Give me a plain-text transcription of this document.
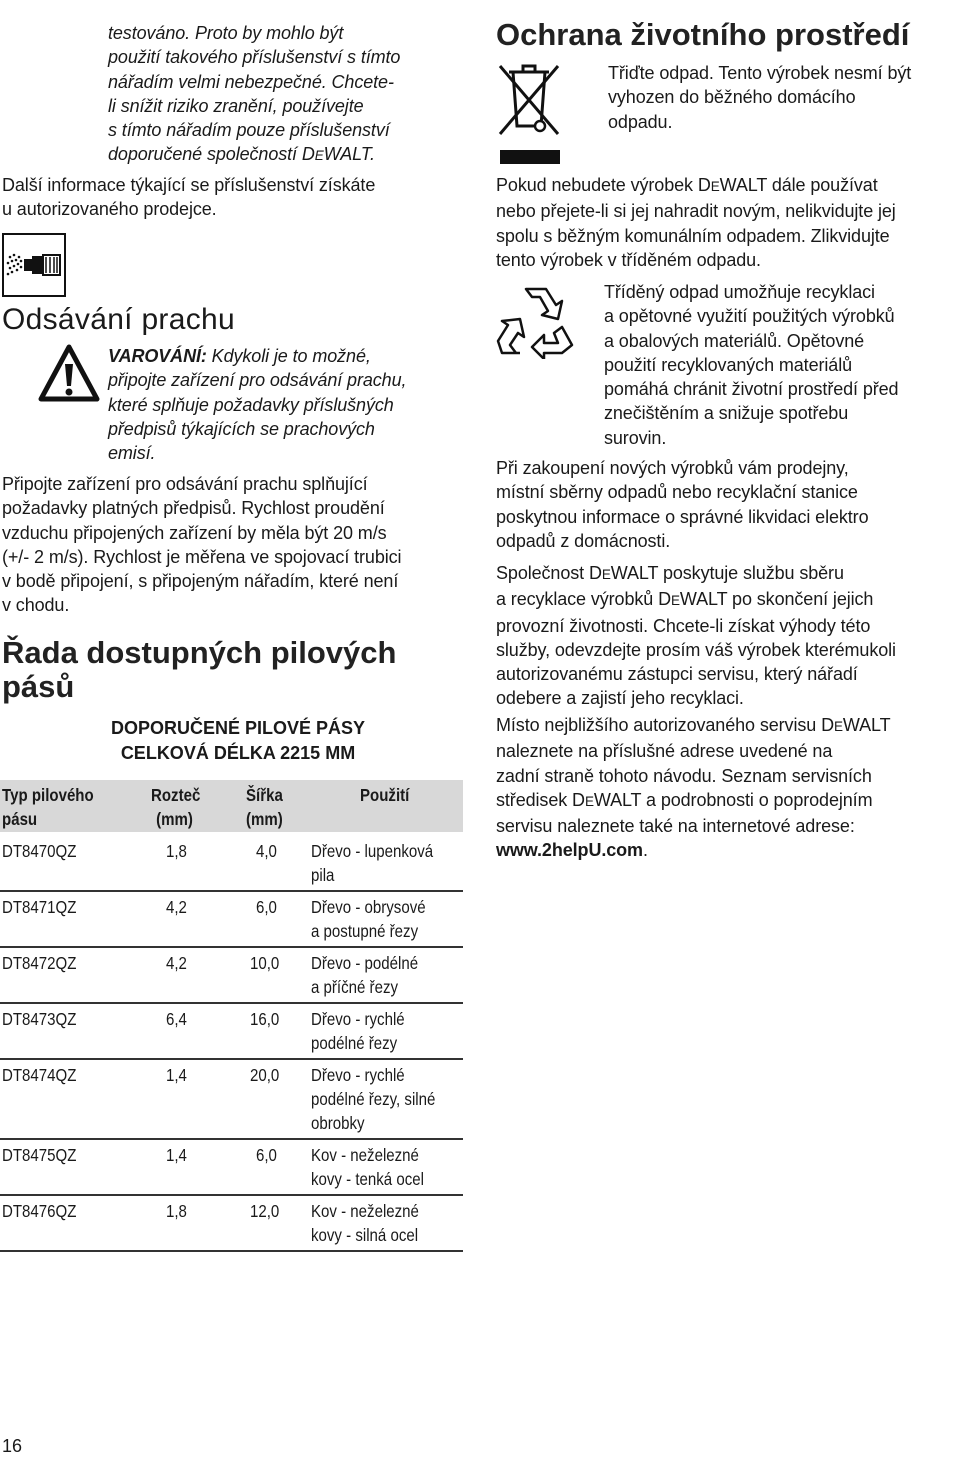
testováno. Proto by mohlo být

použití takového příslušenství s tímto

nářadím velmi nebezpečné. Chcete-

li snížit riziko zranění, používejte

s tímto nářadím pouze příslušenství

doporučené společností DEWALT.

Další informace týkající se příslušenství získáte

u autorizovaného prodejce.

Odsávání prachu

VAROVÁNÍ: Kdykoli je to možné,

připojte zařízení pro odsávání prachu,

které splňuje požadavky příslušných

předpisů týkajících se prachových

emisí.

Připojte zařízení pro odsávání prachu splňující

požadavky platných předpisů. Rychlost proudění

vzduchu připojených zařízení by měla být 20 m/s

(+/- 2 m/s). Rychlost je měřena ve spojovací trubici

v bodě připojení, s připojeným nářadím, které není

v chodu.

Řada dostupných pilových

pásů

DOPORUČENÉ PILOVÉ PÁSY

CELKOVÁ DÉLKA 2215 MM

Typ pilového

pásu

Rozteč

(mm)

Šířka

(mm)

Použití
DT8470QZ	1,8	4,0 Dřevo - lupenková

pila

DT8471QZ	4,2	6,0 Dřevo - obrysové

a postupné řezy

DT8472QZ	4,2	10,0 Dřevo - podélné

a příčné řezy

DT8473QZ	6,4	16,0 Dřevo - rychlé

podélné řezy

DT8474QZ	1,4	20,0 Dřevo - rychlé

podélné řezy, silné

obrobky

DT8475QZ	1,4	6,0 Kov - neželezné

kovy - tenká ocel

DT8476QZ	1,8	12,0 Kov - neželezné

kovy - silná ocel

16
Ochrana životního prostředí

Třiďte odpad. Tento výrobek nesmí být

vyhozen do běžného domácího

odpadu.

Pokud nebudete výrobek DEWALT dále používat

nebo přejete-li si jej nahradit novým, nelikvidujte jej

spolu s běžným komunálním odpadem. Zlikvidujte

tento výrobek v tříděném odpadu.

Tříděný odpad umožňuje recyklaci

a opětovné využití použitých výrobků

a obalových materiálů. Opětovné

použití recyklovaných materiálů

pomáhá chránit životní prostředí před

znečištěním a snižuje spotřebu

surovin.

Při zakoupení nových výrobků vám prodejny,

místní sběrny odpadů nebo recyklační stanice

poskytnou informace o správné likvidaci elektro

odpadů z domácnosti.

Společnost DEWALT poskytuje službu sběru

a recyklace výrobků DEWALT po skončení jejich

provozní životnosti. Chcete-li získat výhody této

služby, odevzdejte prosím váš výrobek kterémukoli

autorizovanému zástupci servisu, který nářadí

odebere a zajistí jeho recyklaci.

Místo nejbližšího autorizovaného servisu DEWALT

naleznete na příslušné adrese uvedené na

zadní straně tohoto návodu. Seznam servisních

středisek DEWALT a podrobnosti o poprodejním

servisu naleznete také na internetové adrese:

www.2helpU.com.
